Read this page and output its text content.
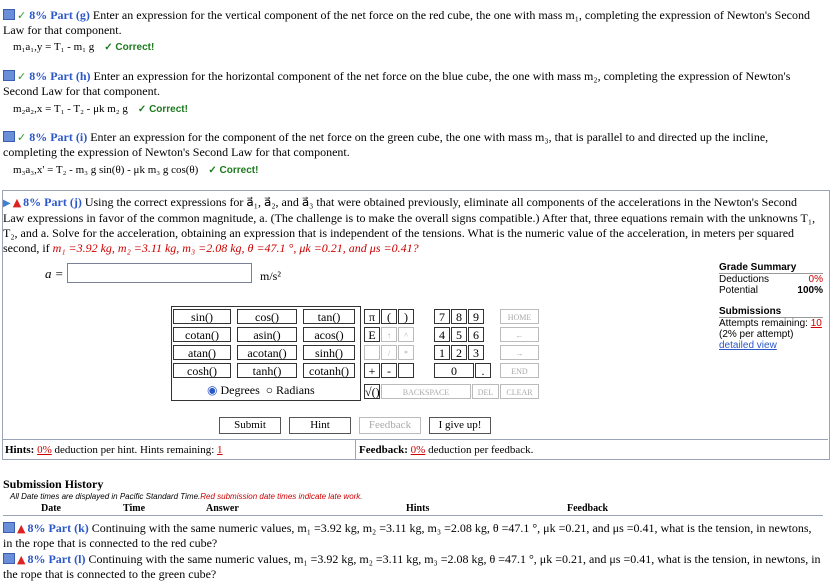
✓ 8% Part (g) Enter an expression for the vertical component of the net force on the red cube, the one with mass m₁, completing the expression of Newton's Second Law for that component.
m₁a₁,y = T₁ - m₁ g ✓ Correct!
✓ 8% Part (h) Enter an expression for the horizontal component of the net force on the blue cube, the one with mass m₂, completing the expression of Newton's Second Law for that component.
m₂a₂,x = T₁ - T₂ - μk m₂ g ✓ Correct!
✓ 8% Part (i) Enter an expression for the component of the net force on the green cube, the one with mass m₃, that is parallel to and directed up the incline, completing the expression of Newton's Second Law for that component.
m₃a₃,x' = T₂ - m₃ g sin(θ) - μk m₃ g cos(θ) ✓ Correct!
▶ ▲ 8% Part (j) Using the correct expressions for a⃗₁, a⃗₂, and a⃗₃ that were obtained previously, eliminate all components of the accelerations in the Newton's Second Law expressions in favor of the common magnitude, a. (The challenge is to make the overall signs compatible.) After that, three equations remain with the unknowns T₁, T₂, and a. Solve for the acceleration, obtaining an expression that is independent of the tensions. What is the numeric value of the acceleration, in meters per squared second, if m₁ =3.92 kg, m₂ =3.11 kg, m₃ =2.08 kg, θ =47.1 °, μk =0.21, and μs =0.41?
a =	m/s²
Grade Summary
Deductions	0%
Potential	100%
Submissions
Attempts remaining: 10
(2% per attempt)
detailed view
sin()	cos()	tan()
cotan()	asin()	acos()
atan()	acotan()	sinh()
cosh()	tanh()	cotanh()
◉ Degrees ○ Radians
π (	)
E	↑	^
/	*
+ -
7 8 9	HOME
4 5 6	←
1 2 3	→
0	.	END
√()	BACKSPACE	DEL	CLEAR
Submit	Hint	Feedback	I give up!
Hints: 0% deduction per hint. Hints remaining: 1	Feedback: 0% deduction per feedback.
Submission History
All Date times are displayed in Pacific Standard Time.Red submission date times indicate late work.
Date	Time	Answer	Hints	Feedback
▲ 8% Part (k) Continuing with the same numeric values, m₁ =3.92 kg, m₂ =3.11 kg, m₃ =2.08 kg, θ =47.1 °, μk =0.21, and μs =0.41, what is the tension, in newtons, in the rope that is connected to the red cube?
▲ 8% Part (l) Continuing with the same numeric values, m₁ =3.92 kg, m₂ =3.11 kg, m₃ =2.08 kg, θ =47.1 °, μk =0.21, and μs =0.41, what is the tension, in newtons, in the rope that is connected to the green cube?
